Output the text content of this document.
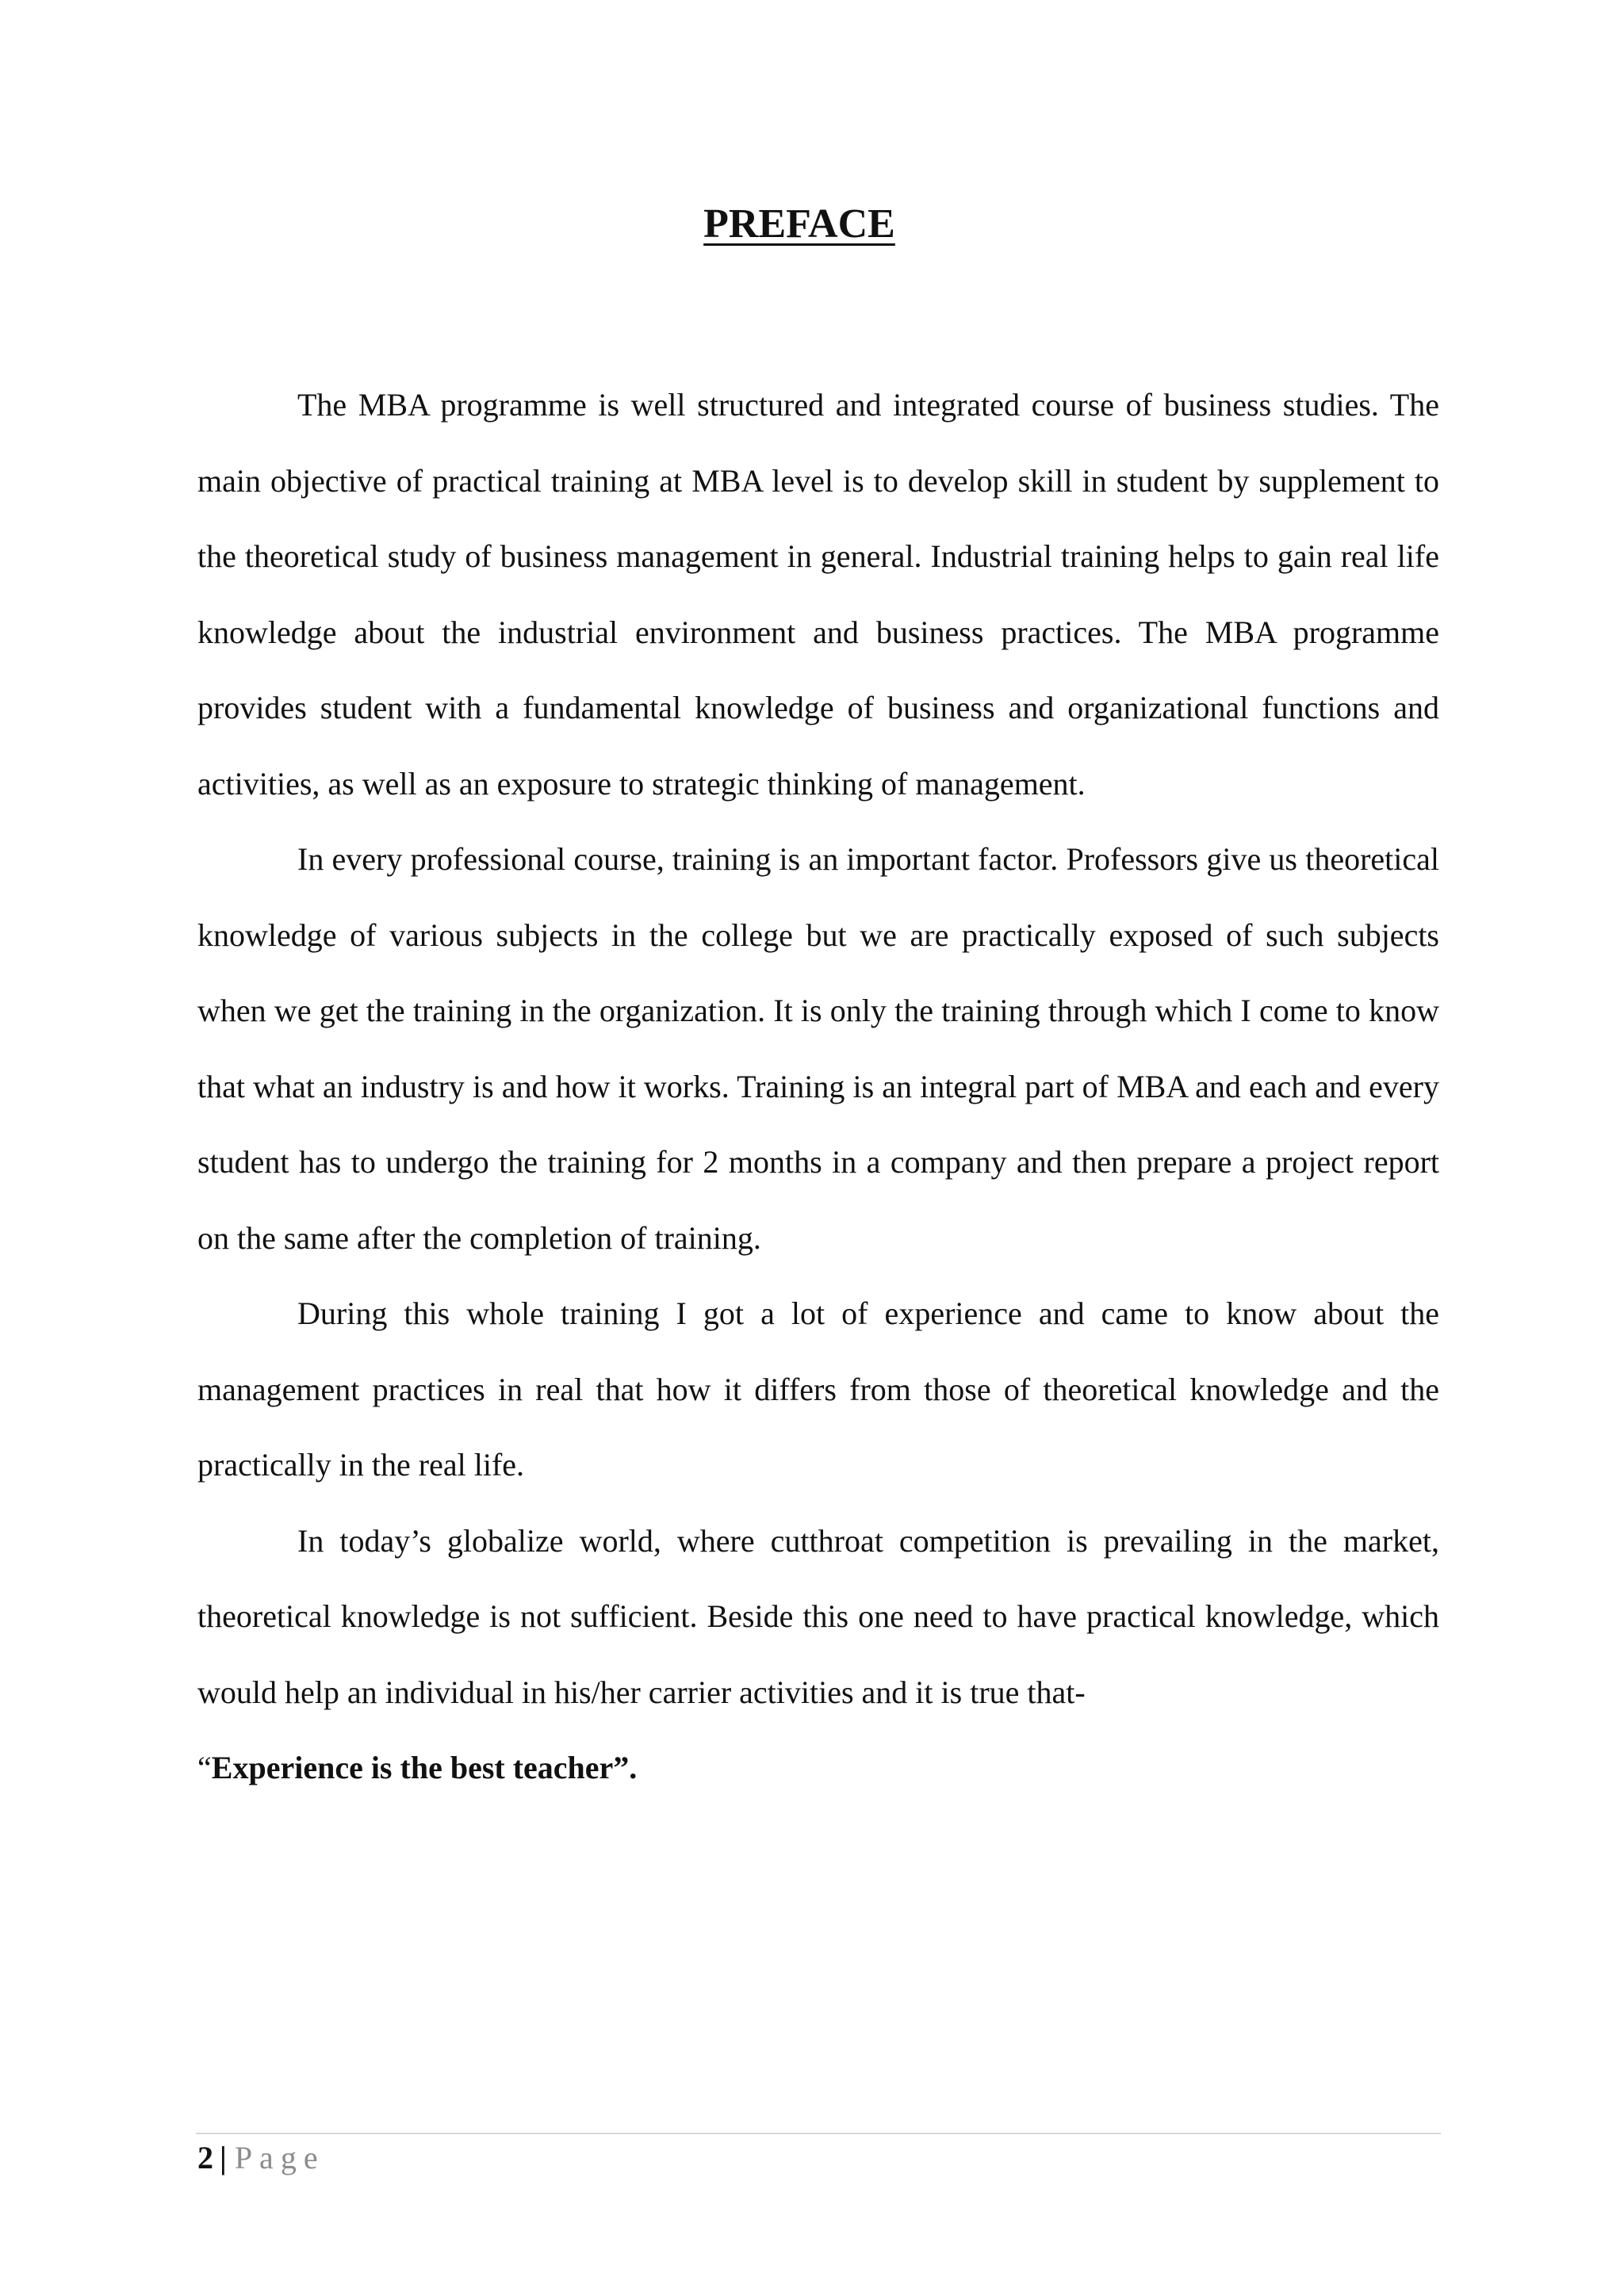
PREFACE

The MBA programme is well structured and integrated course of business studies. The main objective of practical training at MBA level is to develop skill in student by supplement to the theoretical study of business management in general. Industrial training helps to gain real life knowledge about the industrial environment and business practices. The MBA programme provides student with a fundamental knowledge of business and organizational functions and activities, as well as an exposure to strategic thinking of management.

In every professional course, training is an important factor. Professors give us theoretical knowledge of various subjects in the college but we are practically exposed of such subjects when we get the training in the organization. It is only the training through which I come to know that what an industry is and how it works. Training is an integral part of MBA and each and every student has to undergo the training for 2 months in a company and then prepare a project report on the same after the completion of training.

During this whole training I got a lot of experience and came to know about the management practices in real that how it differs from those of theoretical knowledge and the practically in the real life.

In today’s globalize world, where cutthroat competition is prevailing in the market, theoretical knowledge is not sufficient. Beside this one need to have practical knowledge, which would help an individual in his/her carrier activities and it is true that-

“Experience is the best teacher”.

2 | Page
